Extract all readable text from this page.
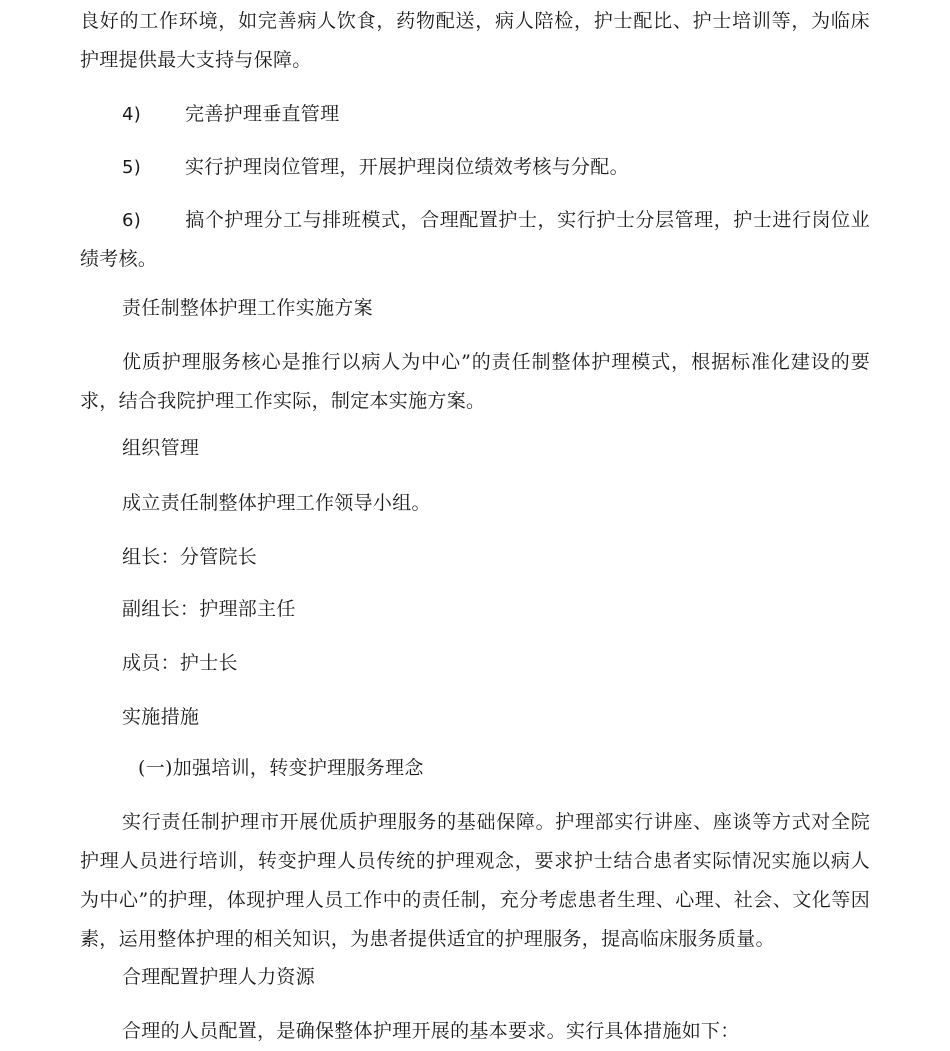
良好的工作环境，如完善病人饮食，药物配送，病人陪检，护士配比、护士培训等，为临床护理提供最大支持与保障。

4) 完善护理垂直管理

5) 实行护理岗位管理，开展护理岗位绩效考核与分配。

6) 搞个护理分工与排班模式，合理配置护士，实行护士分层管理，护士进行岗位业绩考核。

责任制整体护理工作实施方案

优质护理服务核心是推行以病人为中心”的责任制整体护理模式，根据标准化建设的要求，结合我院护理工作实际，制定本实施方案。

组织管理

成立责任制整体护理工作领导小组。

组长：分管院长

副组长：护理部主任

成员：护士长

实施措施

(一)加强培训，转变护理服务理念

实行责任制护理市开展优质护理服务的基础保障。护理部实行讲座、座谈等方式对全院护理人员进行培训，转变护理人员传统的护理观念，要求护士结合患者实际情况实施以病人为中心”的护理，体现护理人员工作中的责任制，充分考虑患者生理、心理、社会、文化等因素，运用整体护理的相关知识，为患者提供适宜的护理服务，提高临床服务质量。

合理配置护理人力资源

合理的人员配置，是确保整体护理开展的基本要求。实行具体措施如下：
